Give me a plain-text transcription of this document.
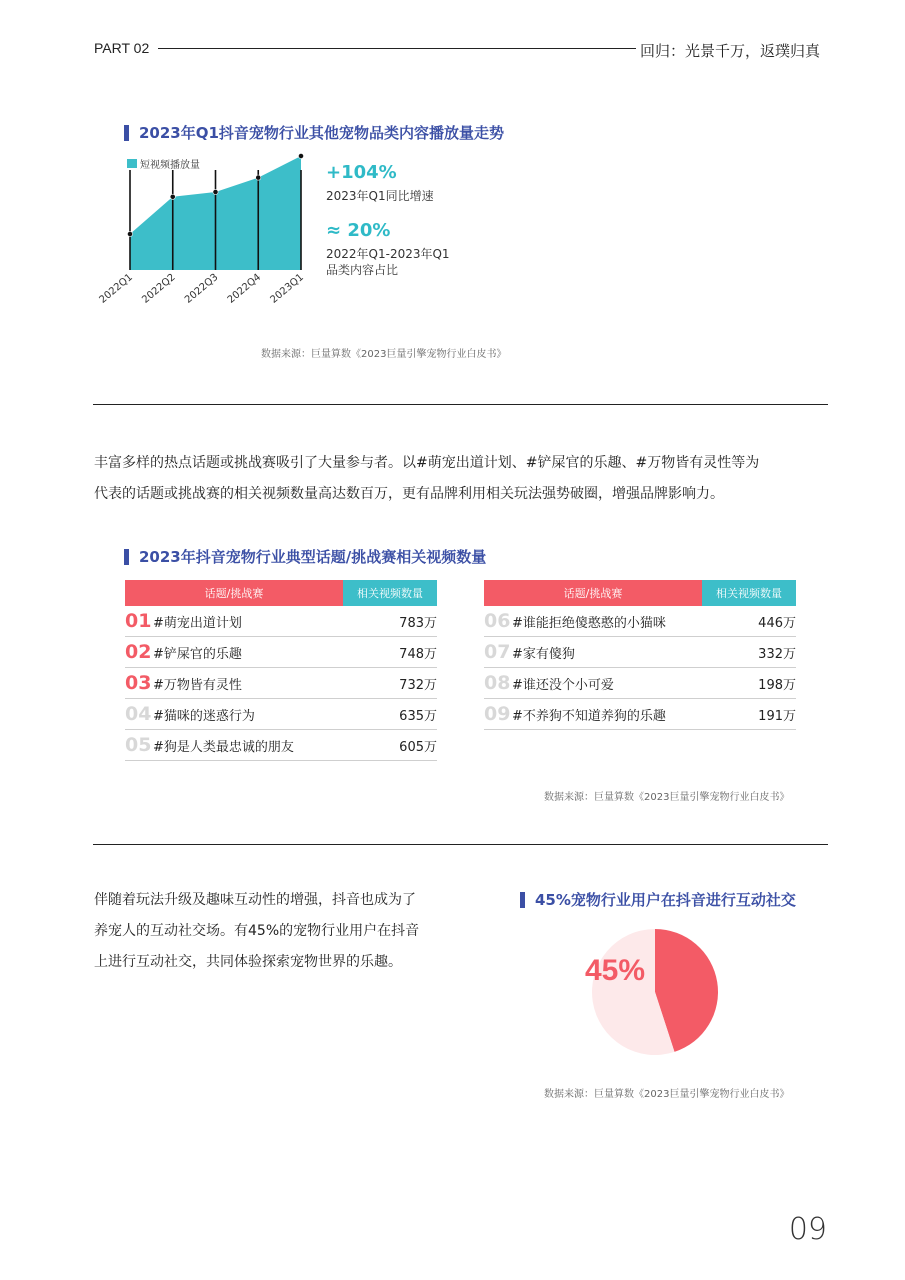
PART 02	回归：光景千万，返璞归真
2023年Q1抖音宠物行业其他宠物品类内容播放量走势
短视频播放量
2022Q1 2022Q2 2022Q3 2022Q4 2023Q1
+104%
2023年Q1同比增速
≈ 20%
2022年Q1-2023年Q1
品类内容占比
数据来源：巨量算数《2023巨量引擎宠物行业白皮书》
丰富多样的热点话题或挑战赛吸引了大量参与者。以#萌宠出道计划、#铲屎官的乐趣、#万物皆有灵性等为
代表的话题或挑战赛的相关视频数量高达数百万，更有品牌利用相关玩法强势破圈，增强品牌影响力。
2023年抖音宠物行业典型话题/挑战赛相关视频数量
话题/挑战赛		相关视频数量
01	#萌宠出道计划	783万
02	#铲屎官的乐趣	748万
03	#万物皆有灵性	732万
04	#猫咪的迷惑行为	635万
05	#狗是人类最忠诚的朋友	605万
话题/挑战赛		相关视频数量
06	#谁能拒绝傻憨憨的小猫咪	446万
07	#家有傻狗	332万
08	#谁还没个小可爱	198万
09	#不养狗不知道养狗的乐趣	191万
数据来源：巨量算数《2023巨量引擎宠物行业白皮书》
伴随着玩法升级及趣味互动性的增强，抖音也成为了
养宠人的互动社交场。有45%的宠物行业用户在抖音
上进行互动社交，共同体验探索宠物世界的乐趣。
45%宠物行业用户在抖音进行互动社交
45%
数据来源：巨量算数《2023巨量引擎宠物行业白皮书》
09
